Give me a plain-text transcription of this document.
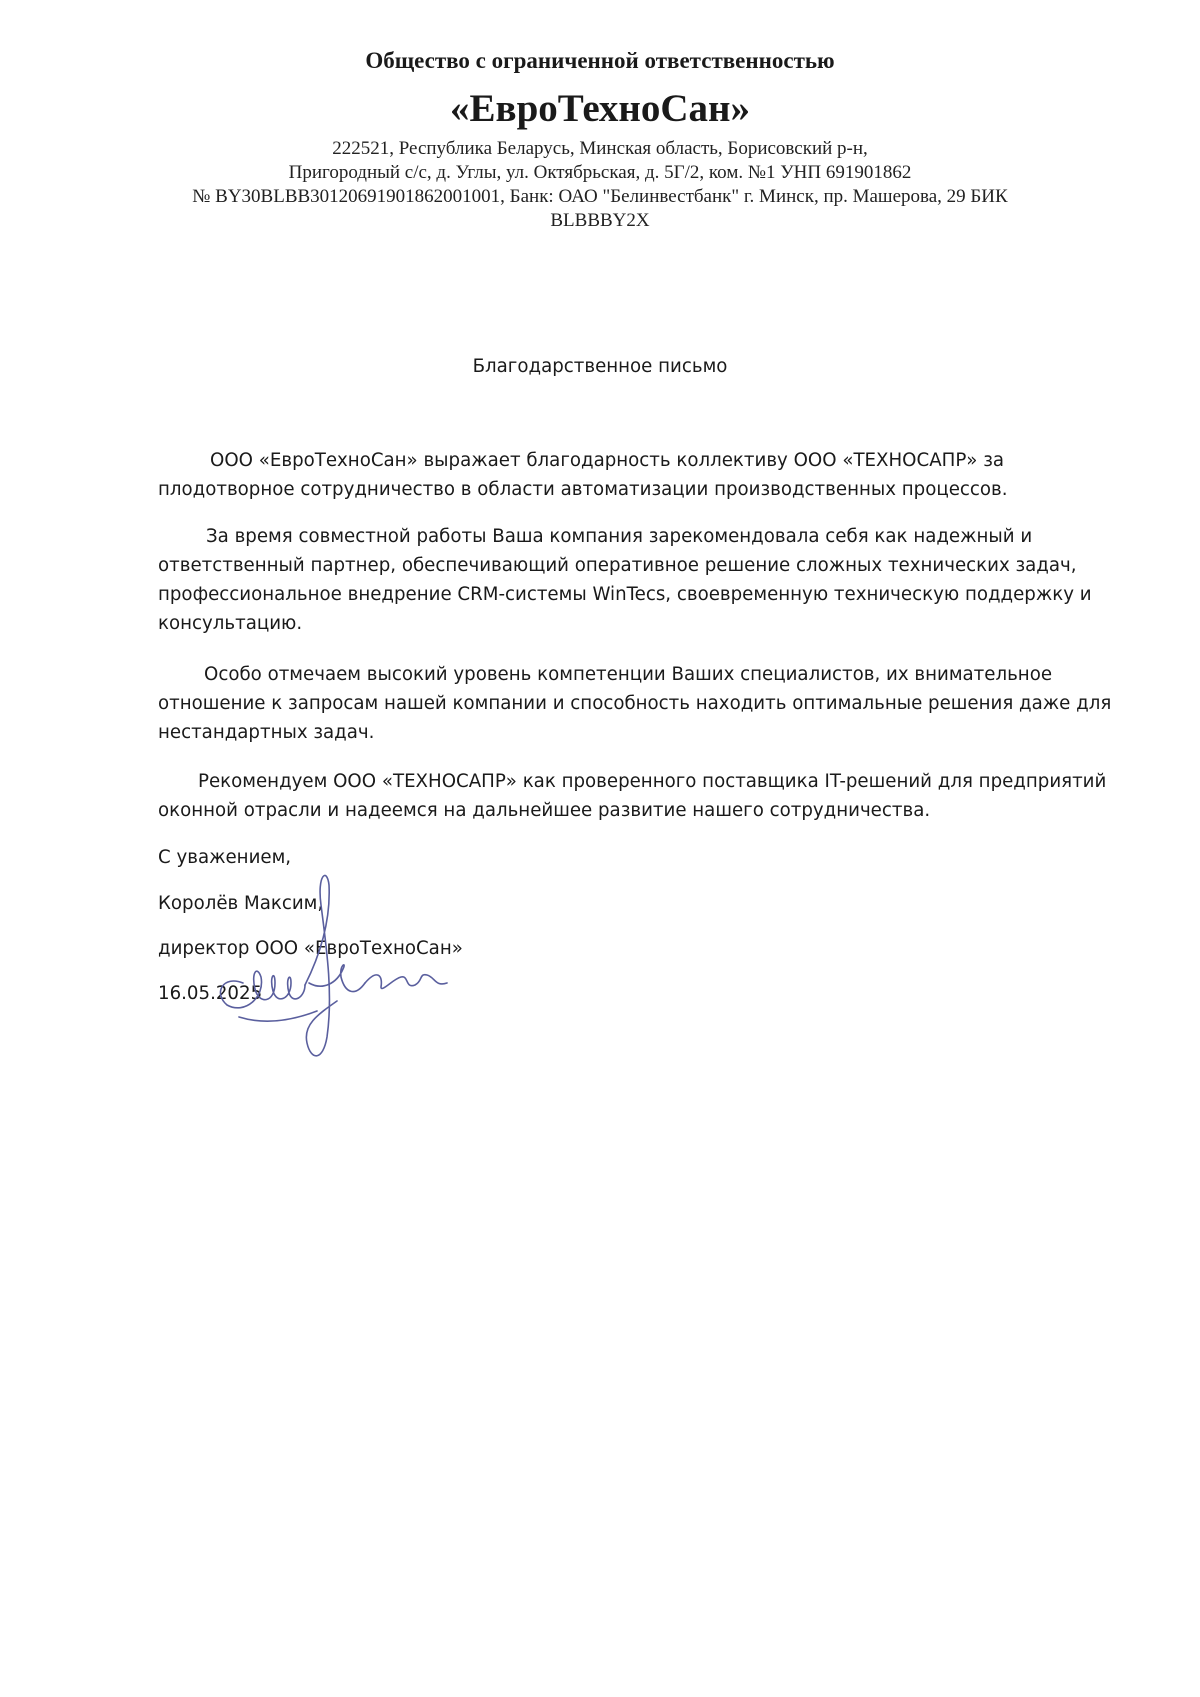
Общество с ограниченной ответственностью
«ЕвроТехноСан»
222521, Республика Беларусь, Минская область, Борисовский р-н,
Пригородный с/с, д. Углы, ул. Октябрьская, д. 5Г/2, ком. №1 УНП 691901862
№ BY30BLBB30120691901862001001, Банк: ОАО "Белинвестбанк" г. Минск, пр. Машерова, 29 БИК
BLBBBY2X
Благодарственное письмо

ООО «ЕвроТехноСан» выражает благодарность коллективу ООО «ТЕХНОСАПР» за плодотворное сотрудничество в области автоматизации производственных процессов.

За время совместной работы Ваша компания зарекомендовала себя как надежный и ответственный партнер, обеспечивающий оперативное решение сложных технических задач, профессиональное внедрение CRM-системы WinTecs, своевременную техническую поддержку и консультацию.

Особо отмечаем высокий уровень компетенции Ваших специалистов, их внимательное отношение к запросам нашей компании и способность находить оптимальные решения даже для нестандартных задач.

Рекомендуем ООО «ТЕХНОСАПР» как проверенного поставщика IT-решений для предприятий оконной отрасли и надеемся на дальнейшее развитие нашего сотрудничества.

С уважением,
Королёв Максим,
директор ООО «ЕвроТехноСан»
16.05.2025
